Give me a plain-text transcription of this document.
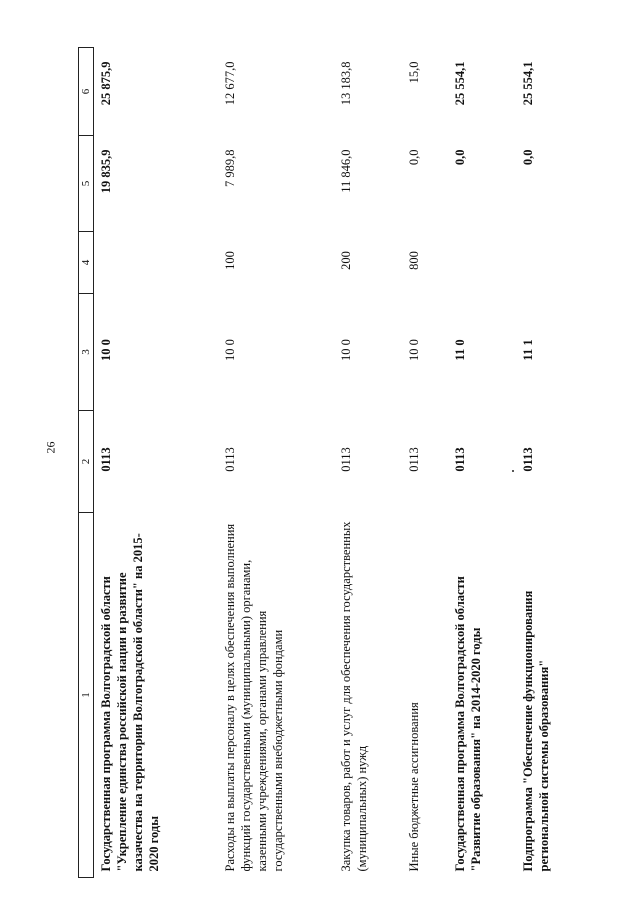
26
1	2	3	4	5	6
Государственная программа Волгоградской области "Укрепление единства российской нации и развитие казачества на территории Волгоградской области" на 2015-2020 годы	0113	10 0		19 835,9	25 875,9
Расходы на выплаты персоналу в целях обеспечения выполнения функций государственными (муниципальными) органами, казенными учреждениями, органами управления государственными внебюджетными фондами	0113	10 0	100	7 989,8	12 677,0
Закупка товаров, работ и услуг для обеспечения государственных (муниципальных) нужд	0113	10 0	200	11 846,0	13 183,8
Иные бюджетные ассигнования	0113	10 0	800	0,0	15,0
Государственная программа Волгоградской области "Развитие образования" на 2014-2020 годы	0113	11 0		0,0	25 554,1
Подпрограмма "Обеспечение функционирования региональной системы образования"	0113	11 1		0,0	25 554,1
